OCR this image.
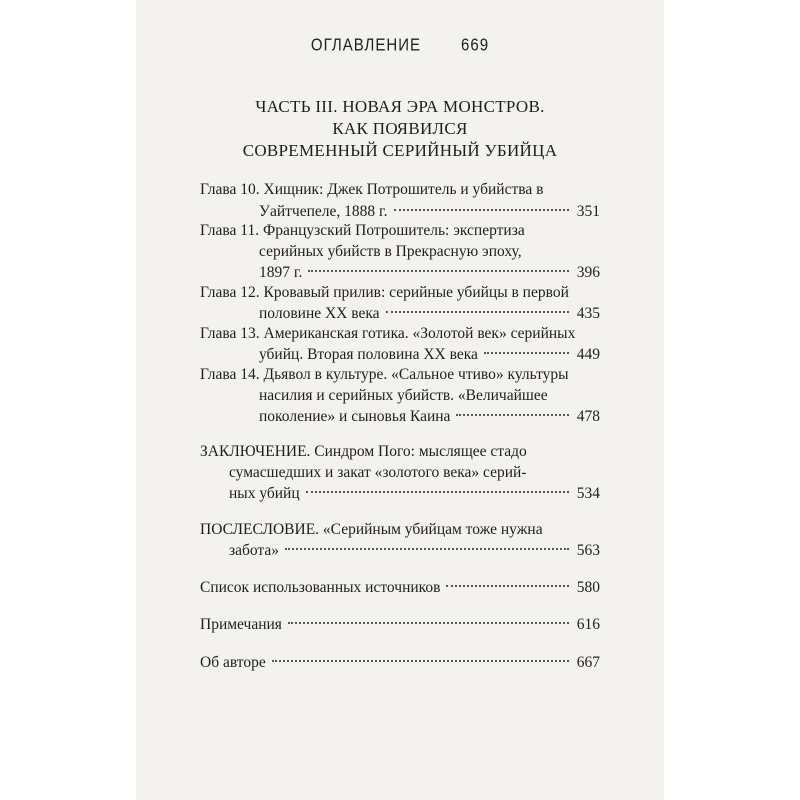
ОГЛАВЛЕНИЕ	669
ЧАСТЬ III. НОВАЯ ЭРА МОНСТРОВ.
КАК ПОЯВИЛСЯ
СОВРЕМЕННЫЙ СЕРИЙНЫЙ УБИЙЦА
Глава 10. Хищник: Джек Потрошитель и убийства в
Уайтчепеле, 1888 г.	351
Глава 11. Французский Потрошитель: экспертиза
серийных убийств в Прекрасную эпоху,
1897 г.	396
Глава 12. Кровавый прилив: серийные убийцы в первой
половине XX века	435
Глава 13. Американская готика. «Золотой век» серийных
убийц. Вторая половина XX века	449
Глава 14. Дьявол в культуре. «Сальное чтиво» культуры
насилия и серийных убийств. «Величайшее
поколение» и сыновья Каина	478
ЗАКЛЮЧЕНИЕ. Синдром Пого: мыслящее стадо
сумасшедших и закат «золотого века» серий-
ных убийц	534
ПОСЛЕСЛОВИЕ. «Серийным убийцам тоже нужна
забота»	563
Список использованных источников	580
Примечания	616
Об авторе	667
